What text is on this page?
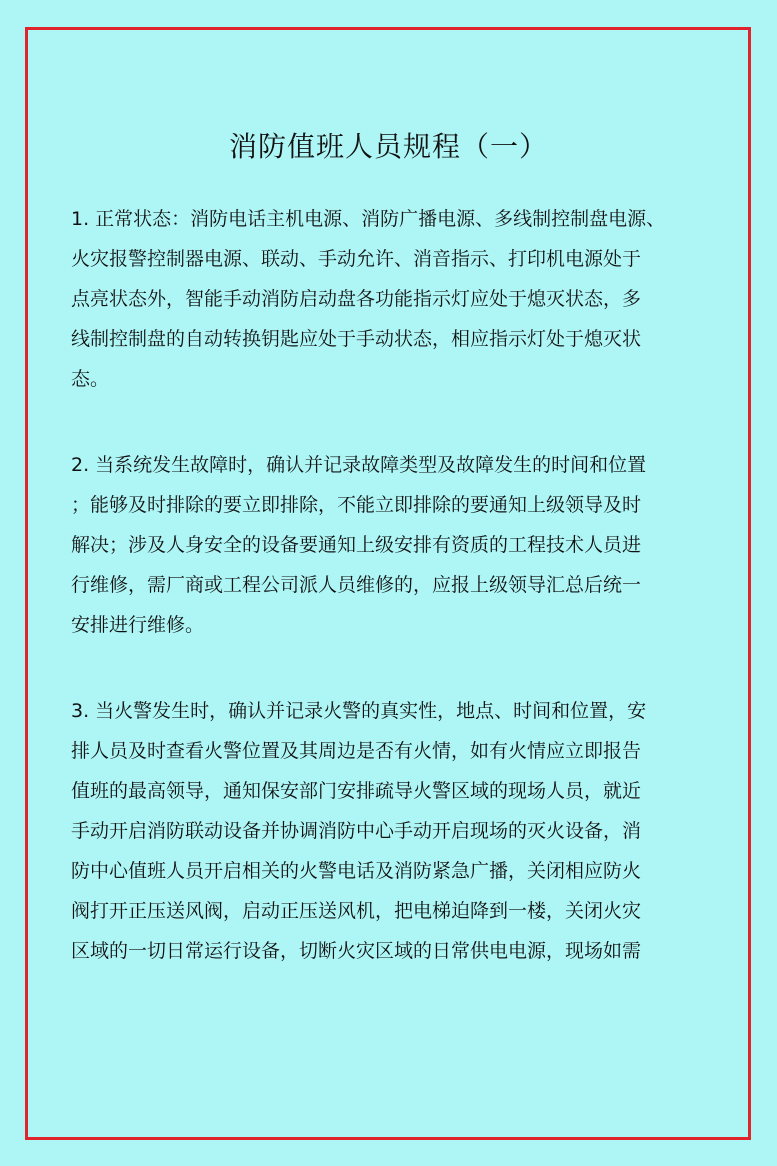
消防值班人员规程（一）

1. 正常状态：消防电话主机电源、消防广播电源、多线制控制盘电源、
火灾报警控制器电源、联动、手动允许、消音指示、打印机电源处于
点亮状态外，智能手动消防启动盘各功能指示灯应处于熄灭状态，多
线制控制盘的自动转换钥匙应处于手动状态，相应指示灯处于熄灭状
态。

2. 当系统发生故障时，确认并记录故障类型及故障发生的时间和位置
；能够及时排除的要立即排除，不能立即排除的要通知上级领导及时
解决；涉及人身安全的设备要通知上级安排有资质的工程技术人员进
行维修，需厂商或工程公司派人员维修的，应报上级领导汇总后统一
安排进行维修。

3. 当火警发生时，确认并记录火警的真实性，地点、时间和位置，安
排人员及时查看火警位置及其周边是否有火情，如有火情应立即报告
值班的最高领导，通知保安部门安排疏导火警区域的现场人员，就近
手动开启消防联动设备并协调消防中心手动开启现场的灭火设备，消
防中心值班人员开启相关的火警电话及消防紧急广播，关闭相应防火
阀打开正压送风阀，启动正压送风机，把电梯迫降到一楼，关闭火灾
区域的一切日常运行设备，切断火灾区域的日常供电电源，现场如需
